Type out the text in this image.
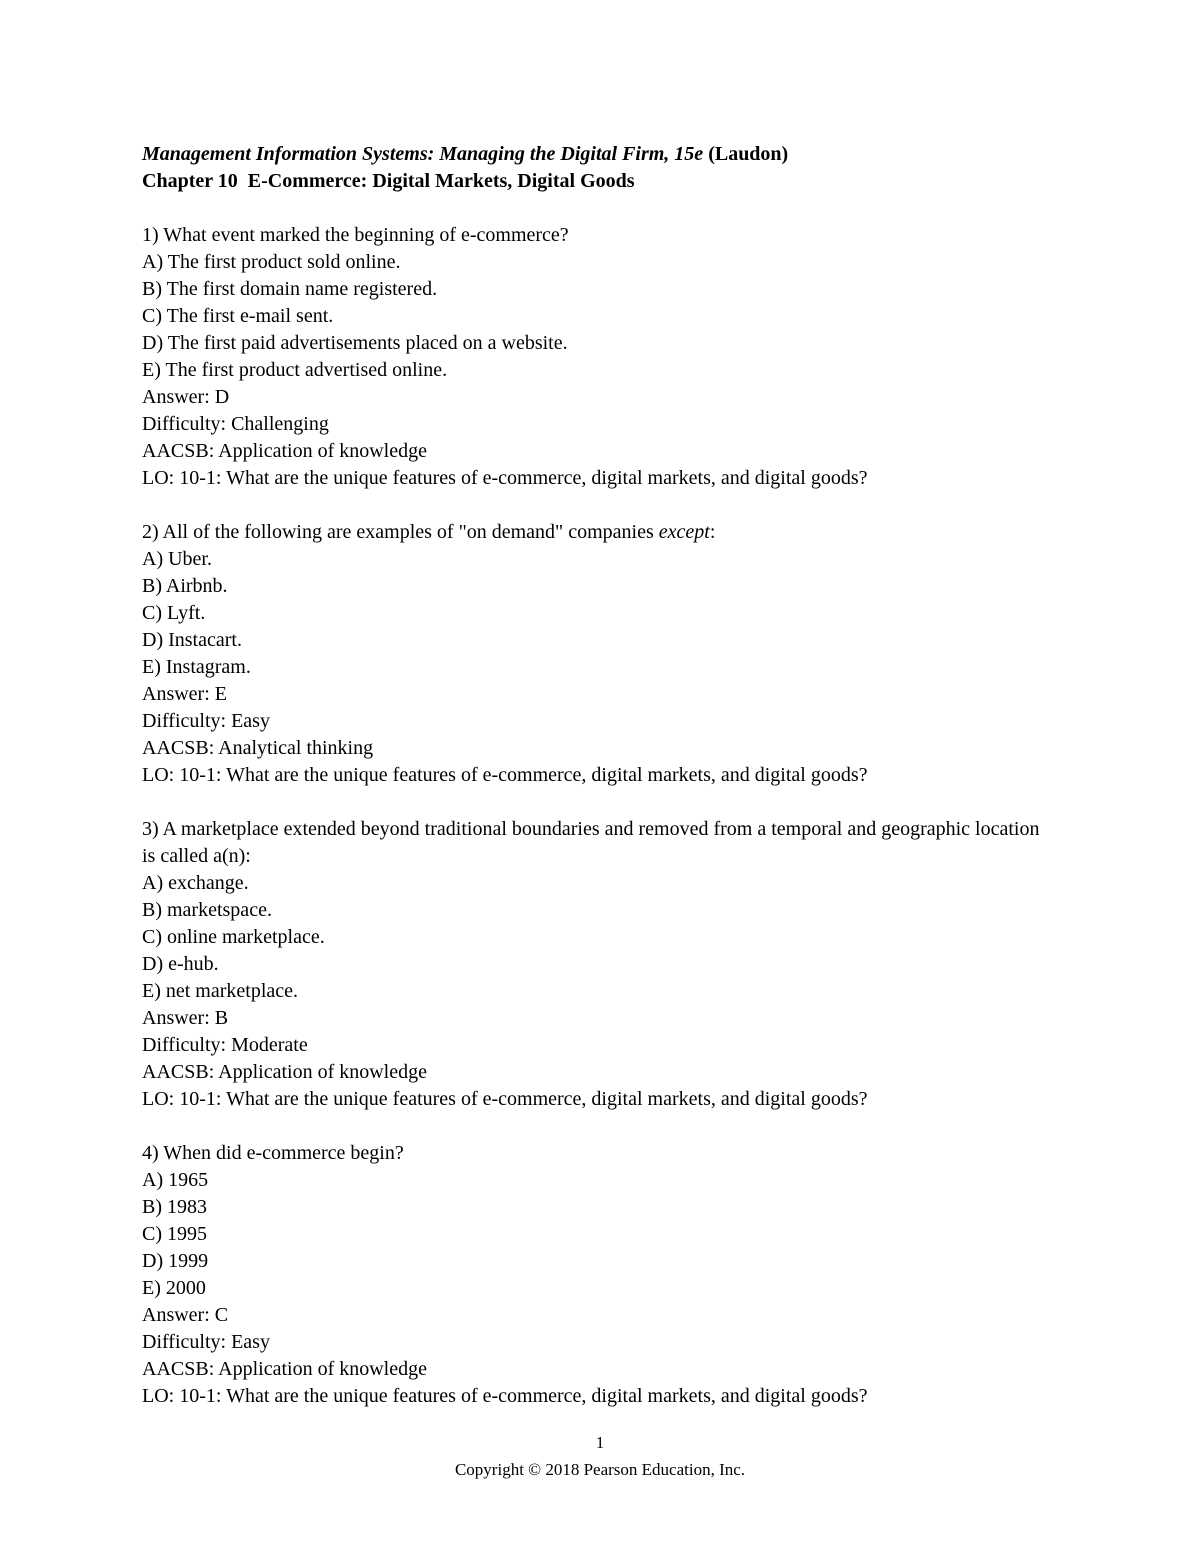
Management Information Systems: Managing the Digital Firm, 15e (Laudon)
Chapter 10 E-Commerce: Digital Markets, Digital Goods
1) What event marked the beginning of e-commerce?
A) The first product sold online.
B) The first domain name registered.
C) The first e-mail sent.
D) The first paid advertisements placed on a website.
E) The first product advertised online.
Answer: D
Difficulty: Challenging
AACSB: Application of knowledge
LO: 10-1: What are the unique features of e-commerce, digital markets, and digital goods?
2) All of the following are examples of "on demand" companies except:
A) Uber.
B) Airbnb.
C) Lyft.
D) Instacart.
E) Instagram.
Answer: E
Difficulty: Easy
AACSB: Analytical thinking
LO: 10-1: What are the unique features of e-commerce, digital markets, and digital goods?
3) A marketplace extended beyond traditional boundaries and removed from a temporal and geographic location is called a(n):
A) exchange.
B) marketspace.
C) online marketplace.
D) e-hub.
E) net marketplace.
Answer: B
Difficulty: Moderate
AACSB: Application of knowledge
LO: 10-1: What are the unique features of e-commerce, digital markets, and digital goods?
4) When did e-commerce begin?
A) 1965
B) 1983
C) 1995
D) 1999
E) 2000
Answer: C
Difficulty: Easy
AACSB: Application of knowledge
LO: 10-1: What are the unique features of e-commerce, digital markets, and digital goods?
1
Copyright © 2018 Pearson Education, Inc.
